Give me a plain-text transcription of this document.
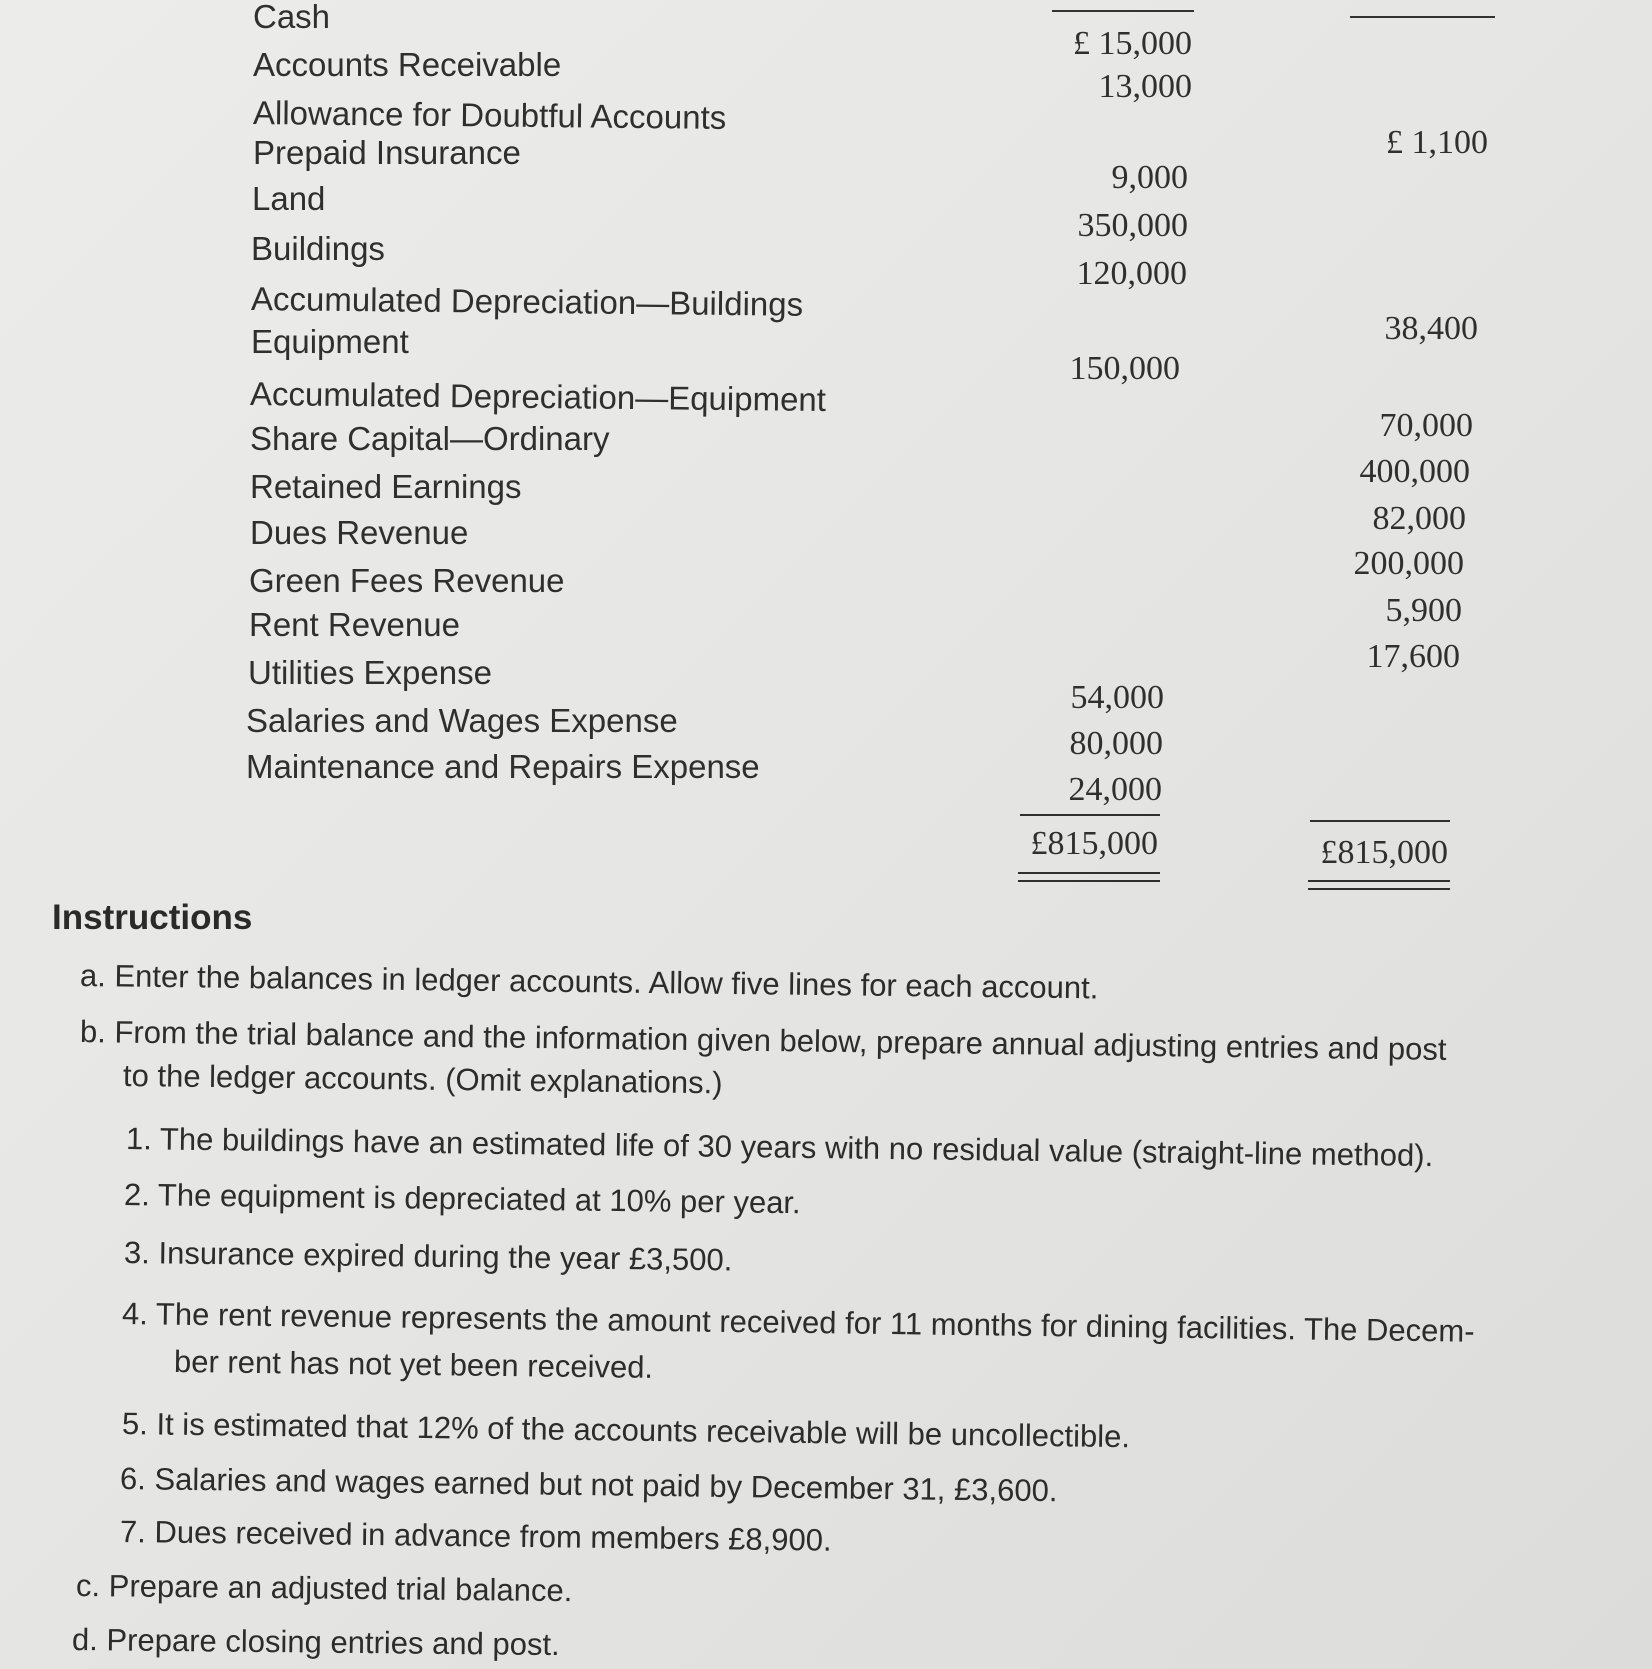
Cash
Accounts Receivable
Allowance for Doubtful Accounts
Prepaid Insurance
Land
Buildings
Accumulated Depreciation—Buildings
Equipment
Accumulated Depreciation—Equipment
Share Capital—Ordinary
Retained Earnings
Dues Revenue
Green Fees Revenue
Rent Revenue
Utilities Expense
Salaries and Wages Expense
Maintenance and Repairs Expense
£ 15,000
13,000
9,000
350,000
120,000
150,000
54,000
80,000
24,000
£ 1,100
38,400
70,000
400,000
82,000
200,000
5,900
17,600
£815,000	£815,000
Instructions
a. Enter the balances in ledger accounts. Allow five lines for each account.
b. From the trial balance and the information given below, prepare annual adjusting entries and post
to the ledger accounts. (Omit explanations.)
1. The buildings have an estimated life of 30 years with no residual value (straight-line method).
2. The equipment is depreciated at 10% per year.
3. Insurance expired during the year £3,500.
4. The rent revenue represents the amount received for 11 months for dining facilities. The Decem-
ber rent has not yet been received.
5. It is estimated that 12% of the accounts receivable will be uncollectible.
6. Salaries and wages earned but not paid by December 31, £3,600.
7. Dues received in advance from members £8,900.
c. Prepare an adjusted trial balance.
d. Prepare closing entries and post.
